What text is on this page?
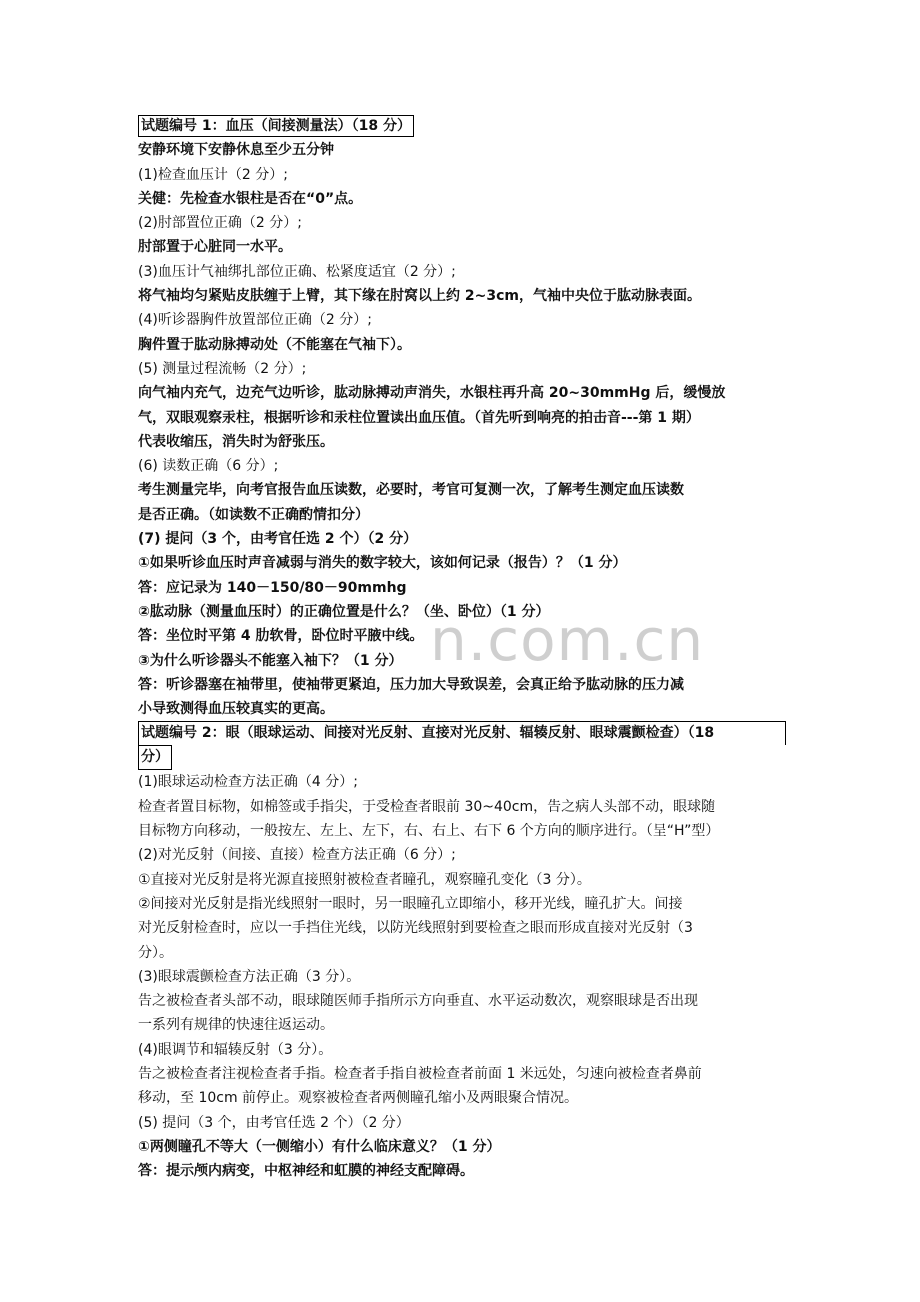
n.com.cn
试题编号 1：血压（间接测量法）（18 分）
安静环境下安静休息至少五分钟
(1)检查血压计（2 分）;
关健：先检查水银柱是否在“0”点。
(2)肘部置位正确（2 分）;
肘部置于心脏同一水平。
(3)血压计气袖绑扎部位正确、松紧度适宜（2 分）;
将气袖均匀紧贴皮肤缠于上臂，其下缘在肘窝以上约 2~3cm，气袖中央位于肱动脉表面。
(4)听诊器胸件放置部位正确（2 分）;
胸件置于肱动脉搏动处（不能塞在气袖下）。
(5) 测量过程流畅（2 分）;
向气袖内充气，边充气边听诊，肱动脉搏动声消失，水银柱再升高 20~30mmHg 后，缓慢放
气，双眼观察汞柱，根据听诊和汞柱位置读出血压值。（首先听到响亮的拍击音---第 1 期）
代表收缩压，消失时为舒张压。
(6) 读数正确（6 分）;
考生测量完毕，向考官报告血压读数，必要时，考官可复测一次，了解考生测定血压读数
是否正确。（如读数不正确酌情扣分）
(7) 提问（3 个，由考官任选 2 个）（2 分）
①如果听诊血压时声音减弱与消失的数字较大，该如何记录（报告）？（1 分）
答：应记录为 140－150/80－90mmhg
②肱动脉（测量血压时）的正确位置是什么？（坐、卧位）（1 分）
答：坐位时平第 4 肋软骨，卧位时平腋中线。
③为什么听诊器头不能塞入袖下？（1 分）
答：听诊器塞在袖带里，使袖带更紧迫，压力加大导致误差，会真正给予肱动脉的压力减
小导致测得血压较真实的更高。
试题编号 2：眼（眼球运动、间接对光反射、直接对光反射、辐辏反射、眼球震颤检查）（18
分）
(1)眼球运动检查方法正确（4 分）;
检查者置目标物，如棉签或手指尖，于受检查者眼前 30~40cm，告之病人头部不动，眼球随
目标物方向移动，一般按左、左上、左下，右、右上、右下 6 个方向的顺序进行。（呈“H”型）
(2)对光反射（间接、直接）检查方法正确（6 分）;
①直接对光反射是将光源直接照射被检查者瞳孔，观察瞳孔变化（3 分）。
②间接对光反射是指光线照射一眼时，另一眼瞳孔立即缩小，移开光线，瞳孔扩大。间接
对光反射检查时，应以一手挡住光线，以防光线照射到要检查之眼而形成直接对光反射（3
分）。
(3)眼球震颤检查方法正确（3 分）。
告之被检查者头部不动，眼球随医师手指所示方向垂直、水平运动数次，观察眼球是否出现
一系列有规律的快速往返运动。
(4)眼调节和辐辏反射（3 分）。
告之被检查者注视检查者手指。检查者手指自被检查者前面 1 米远处，匀速向被检查者鼻前
移动，至 10cm 前停止。观察被检查者两侧瞳孔缩小及两眼聚合情况。
(5) 提问（3 个，由考官任选 2 个）（2 分）
①两侧瞳孔不等大（一侧缩小）有什么临床意义？（1 分）
答：提示颅内病变，中枢神经和虹膜的神经支配障碍。
